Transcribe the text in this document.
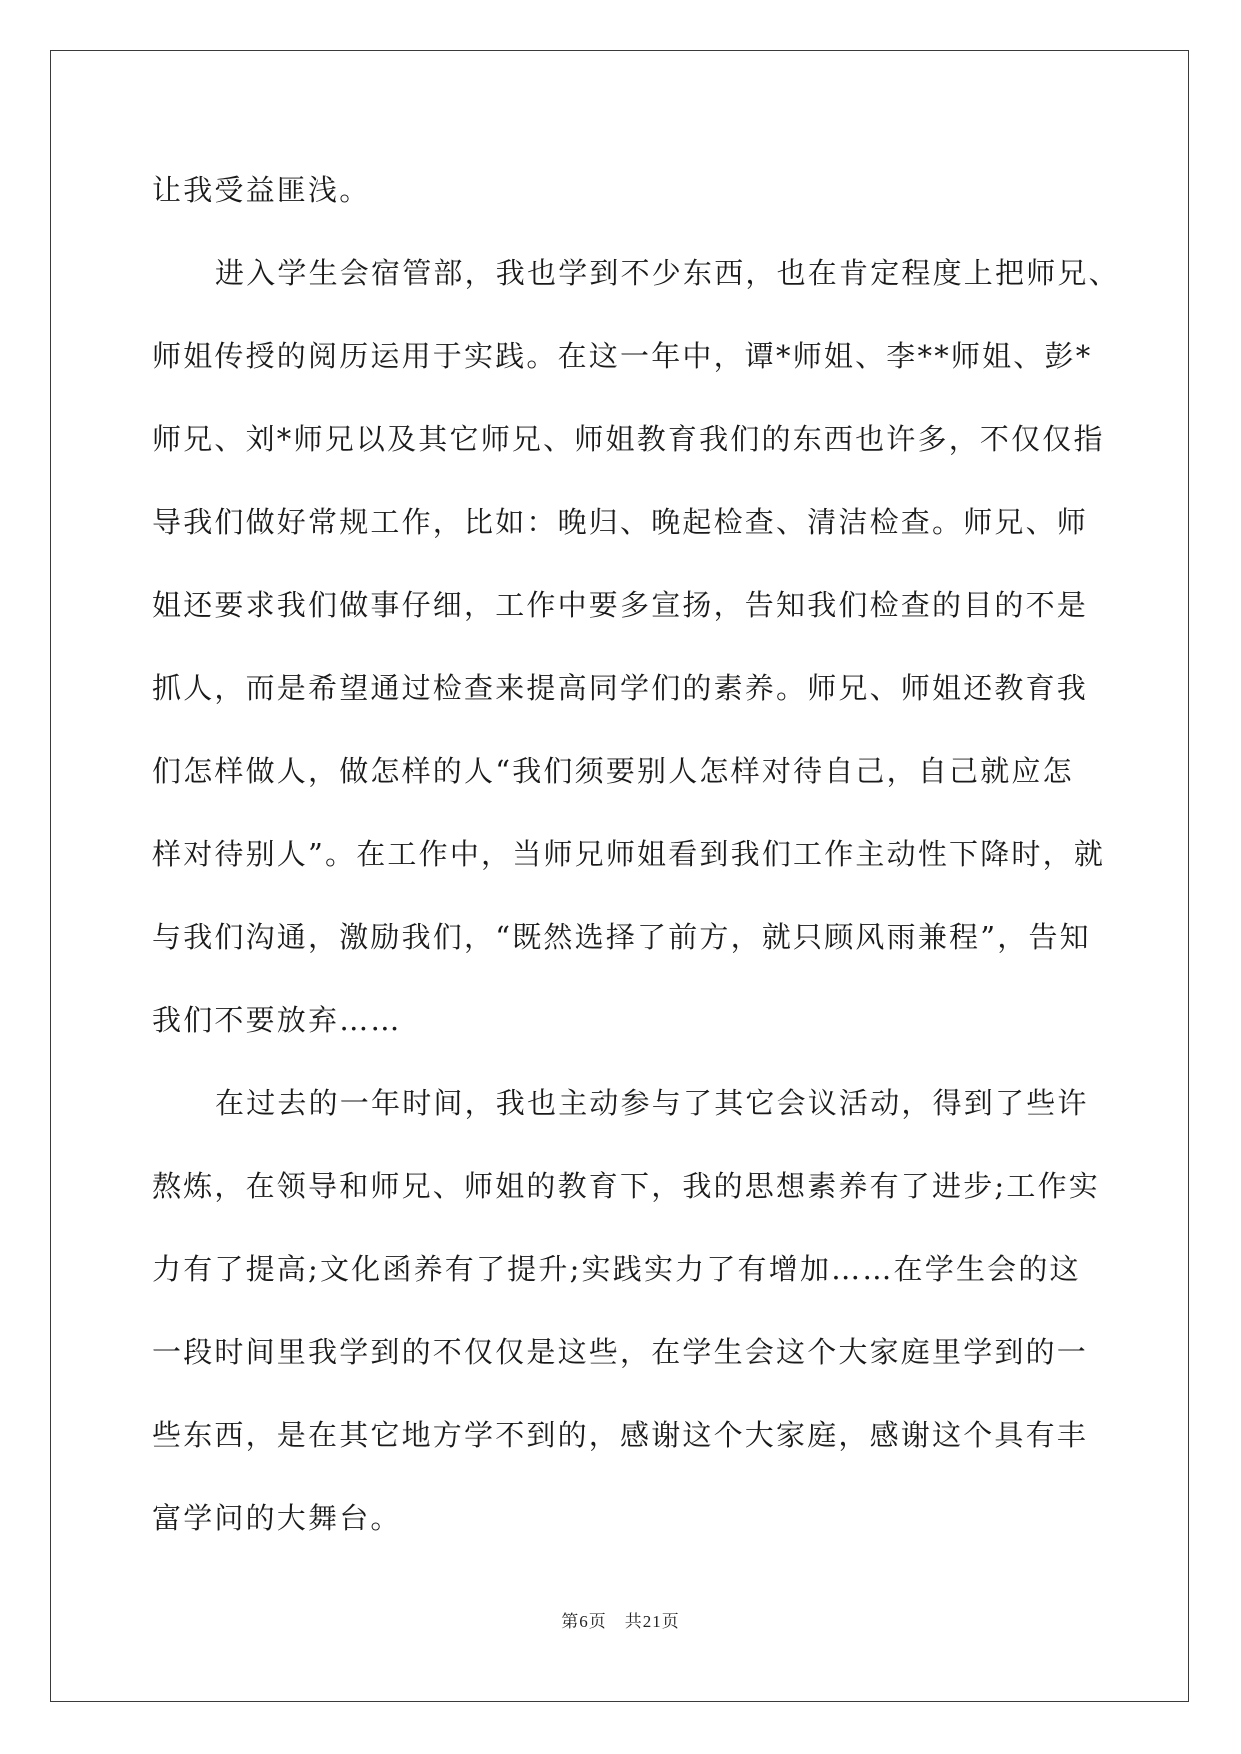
让我受益匪浅。
进入学生会宿管部，我也学到不少东西，也在肯定程度上把师兄、
师姐传授的阅历运用于实践。在这一年中，谭*师姐、李**师姐、彭*
师兄、刘*师兄以及其它师兄、师姐教育我们的东西也许多，不仅仅指
导我们做好常规工作，比如：晚归、晚起检查、清洁检查。师兄、师
姐还要求我们做事仔细，工作中要多宣扬，告知我们检查的目的不是
抓人，而是希望通过检查来提高同学们的素养。师兄、师姐还教育我
们怎样做人，做怎样的人“我们须要别人怎样对待自己，自己就应怎
样对待别人”。在工作中，当师兄师姐看到我们工作主动性下降时，就
与我们沟通，激励我们，“既然选择了前方，就只顾风雨兼程”，告知
我们不要放弃……
在过去的一年时间，我也主动参与了其它会议活动，得到了些许
熬炼，在领导和师兄、师姐的教育下，我的思想素养有了进步;工作实
力有了提高;文化函养有了提升;实践实力了有增加……在学生会的这
一段时间里我学到的不仅仅是这些，在学生会这个大家庭里学到的一
些东西，是在其它地方学不到的，感谢这个大家庭，感谢这个具有丰
富学问的大舞台。
第6页 共21页
